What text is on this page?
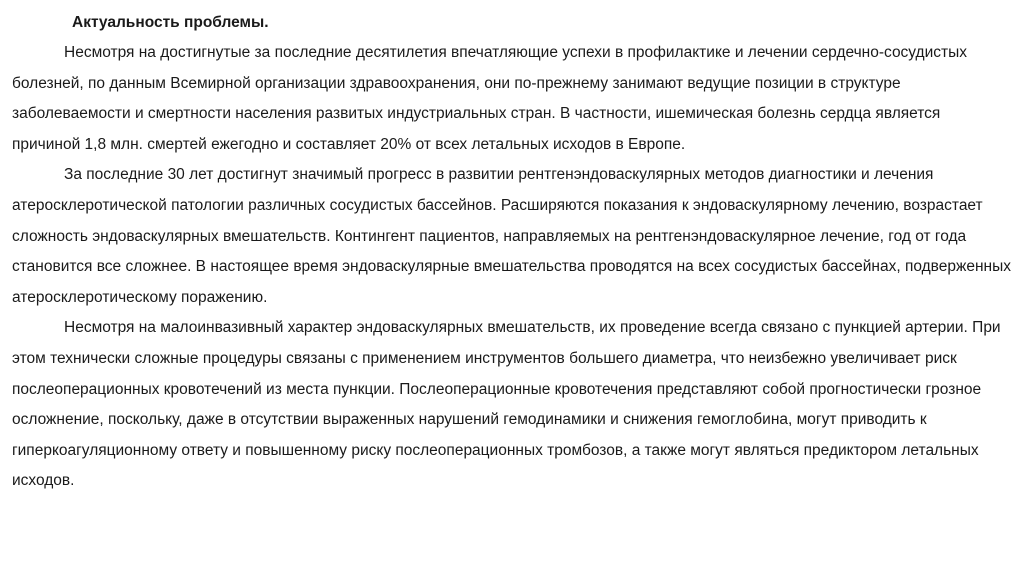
Актуальность проблемы.

Несмотря на достигнутые за последние десятилетия впечатляющие успехи в профилактике и лечении сердечно-сосудистых болезней, по данным Всемирной организации здравоохранения, они по-прежнему занимают ведущие позиции в структуре заболеваемости и смертности населения развитых индустриальных стран. В частности, ишемическая болезнь сердца является причиной 1,8 млн. смертей ежегодно и составляет 20% от всех летальных исходов в Европе.

За последние 30 лет достигнут значимый прогресс в развитии рентгенэндоваскулярных методов диагностики и лечения атеросклеротической патологии различных сосудистых бассейнов. Расширяются показания к эндоваскулярному лечению, возрастает сложность эндоваскулярных вмешательств. Контингент пациентов, направляемых на рентгенэндоваскулярное лечение, год от года становится все сложнее. В настоящее время эндоваскулярные вмешательства проводятся на всех сосудистых бассейнах, подверженных атеросклеротическому поражению.

Несмотря на малоинвазивный характер эндоваскулярных вмешательств, их проведение всегда связано с пункцией артерии. При этом технически сложные процедуры связаны с применением инструментов большего диаметра, что неизбежно увеличивает риск послеоперационных кровотечений из места пункции. Послеоперационные кровотечения представляют собой прогностически грозное осложнение, поскольку, даже в отсутствии выраженных нарушений гемодинамики и снижения гемоглобина, могут приводить к гиперкоагуляционному ответу и повышенному риску послеоперационных тромбозов, а также могут являться предиктором летальных исходов.
